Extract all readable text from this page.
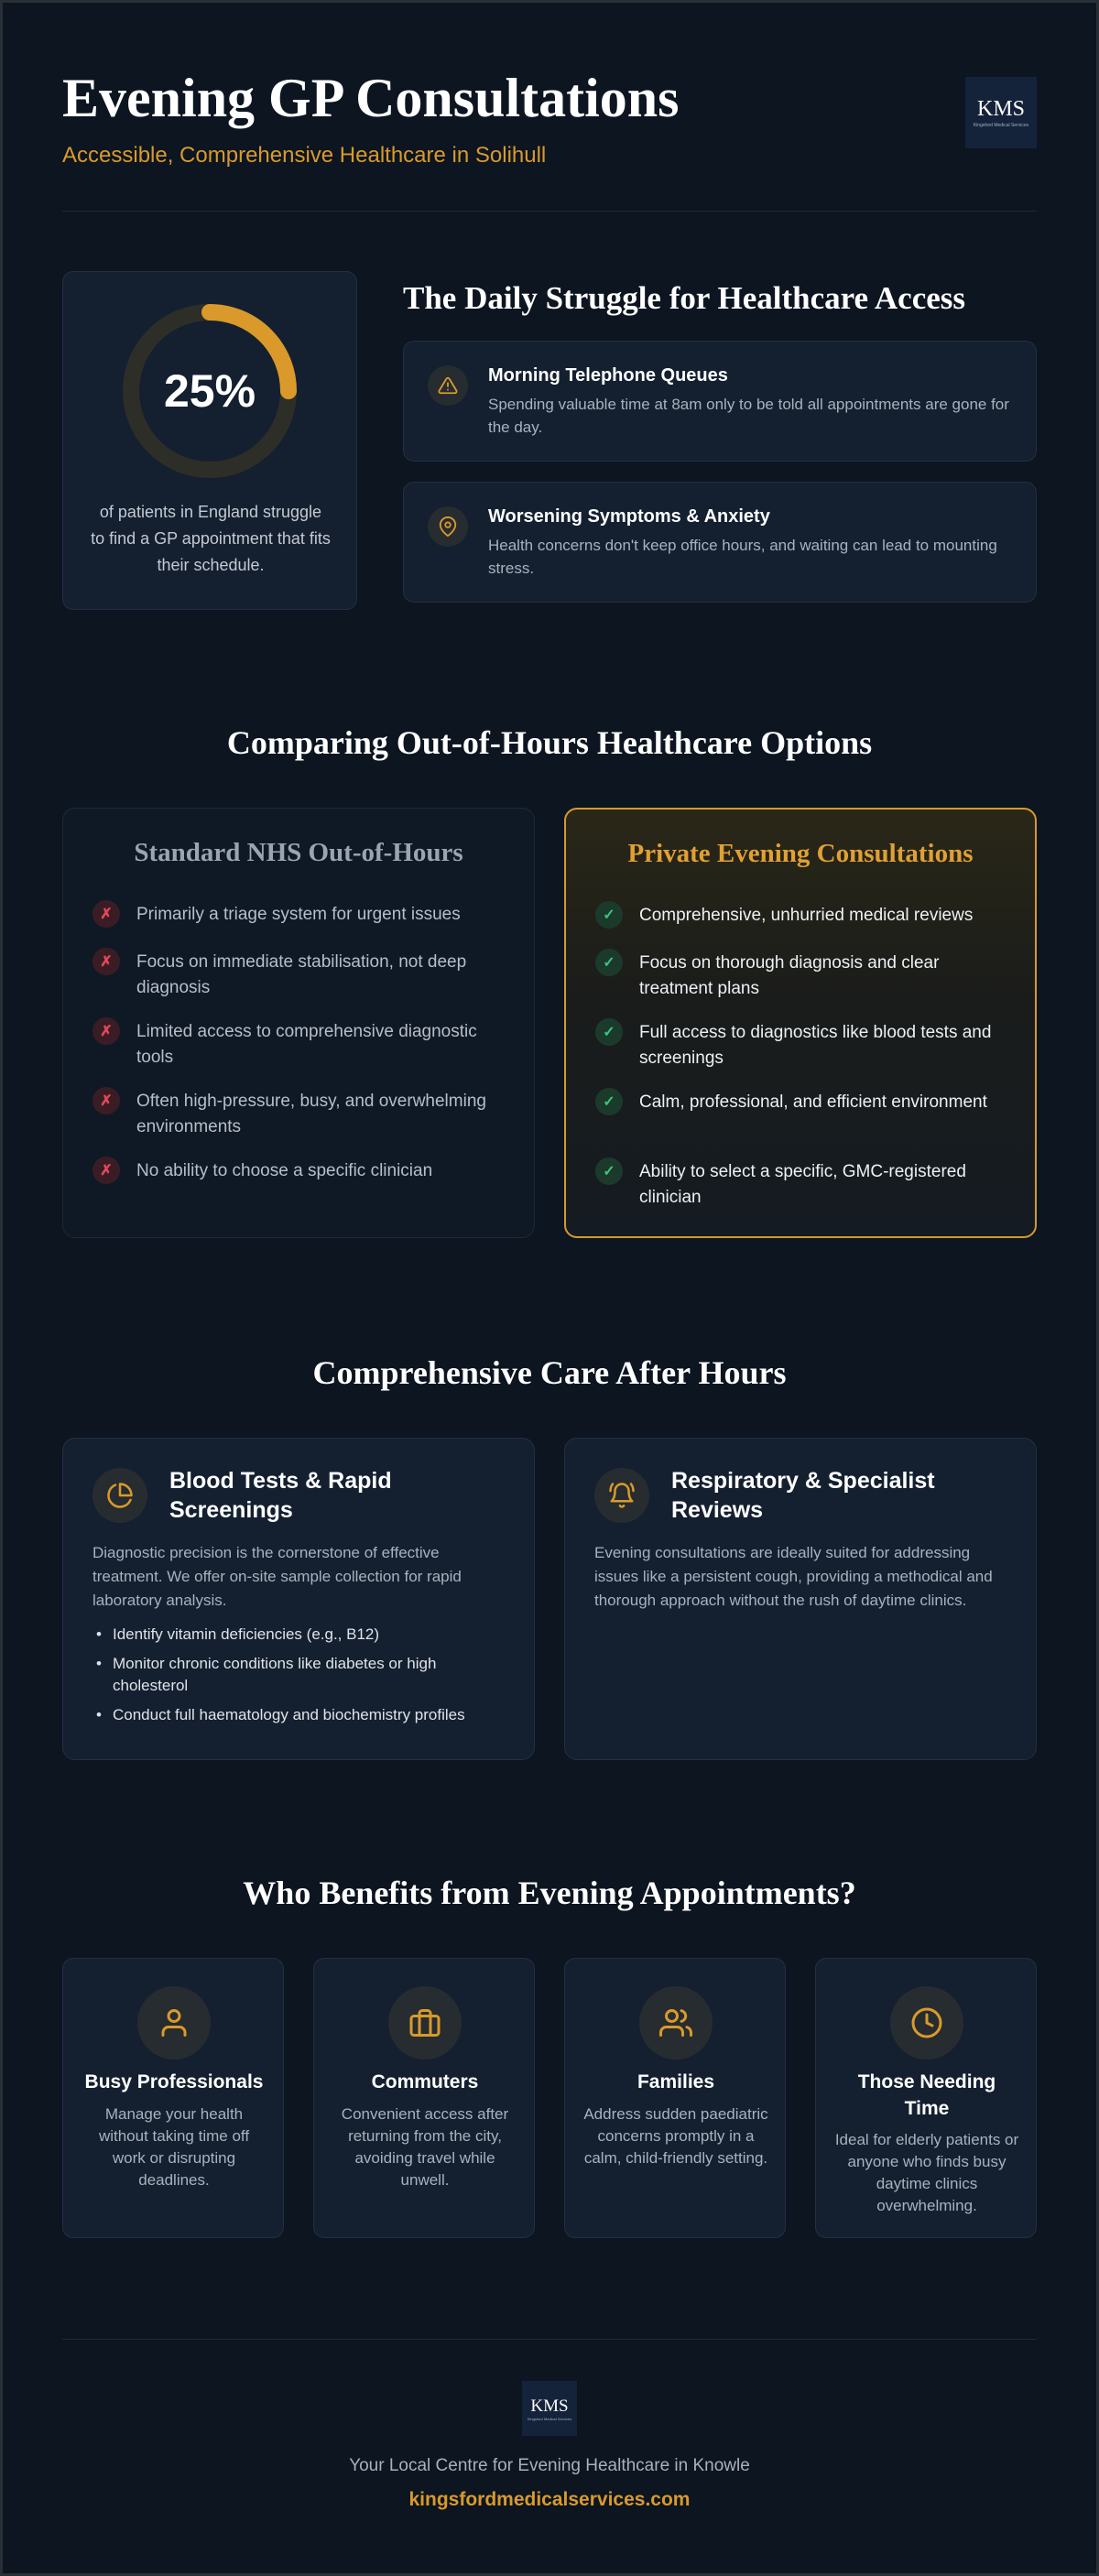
Evening GP Consultations
Accessible, Comprehensive Healthcare in Solihull
KMS
Kingsford Medical Services
25%
of patients in England struggle to find a GP appointment that fits their schedule.
The Daily Struggle for Healthcare Access
Morning Telephone Queues
Spending valuable time at 8am only to be told all appointments are gone for the day.
Worsening Symptoms & Anxiety
Health concerns don't keep office hours, and waiting can lead to mounting stress.
Comparing Out-of-Hours Healthcare Options
Standard NHS Out-of-Hours
✗	Primarily a triage system for urgent issues
✗	Focus on immediate stabilisation, not deep diagnosis
✗	Limited access to comprehensive diagnostic tools
✗	Often high-pressure, busy, and overwhelming environments
✗	No ability to choose a specific clinician
Private Evening Consultations
✓	Comprehensive, unhurried medical reviews
✓	Focus on thorough diagnosis and clear treatment plans
✓	Full access to diagnostics like blood tests and screenings
✓	Calm, professional, and efficient environment
✓	Ability to select a specific, GMC-registered clinician
Comprehensive Care After Hours
Blood Tests & Rapid Screenings
Diagnostic precision is the cornerstone of effective treatment. We offer on-site sample collection for rapid laboratory analysis.
• Identify vitamin deficiencies (e.g., B12)
• Monitor chronic conditions like diabetes or high cholesterol
• Conduct full haematology and biochemistry profiles
Respiratory & Specialist Reviews
Evening consultations are ideally suited for addressing issues like a persistent cough, providing a methodical and thorough approach without the rush of daytime clinics.
Who Benefits from Evening Appointments?
Busy Professionals
Manage your health without taking time off work or disrupting deadlines.
Commuters
Convenient access after returning from the city, avoiding travel while unwell.
Families
Address sudden paediatric concerns promptly in a calm, child-friendly setting.
Those Needing Time
Ideal for elderly patients or anyone who finds busy daytime clinics overwhelming.
KMS
Kingsford Medical Services
Your Local Centre for Evening Healthcare in Knowle
kingsfordmedicalservices.com
